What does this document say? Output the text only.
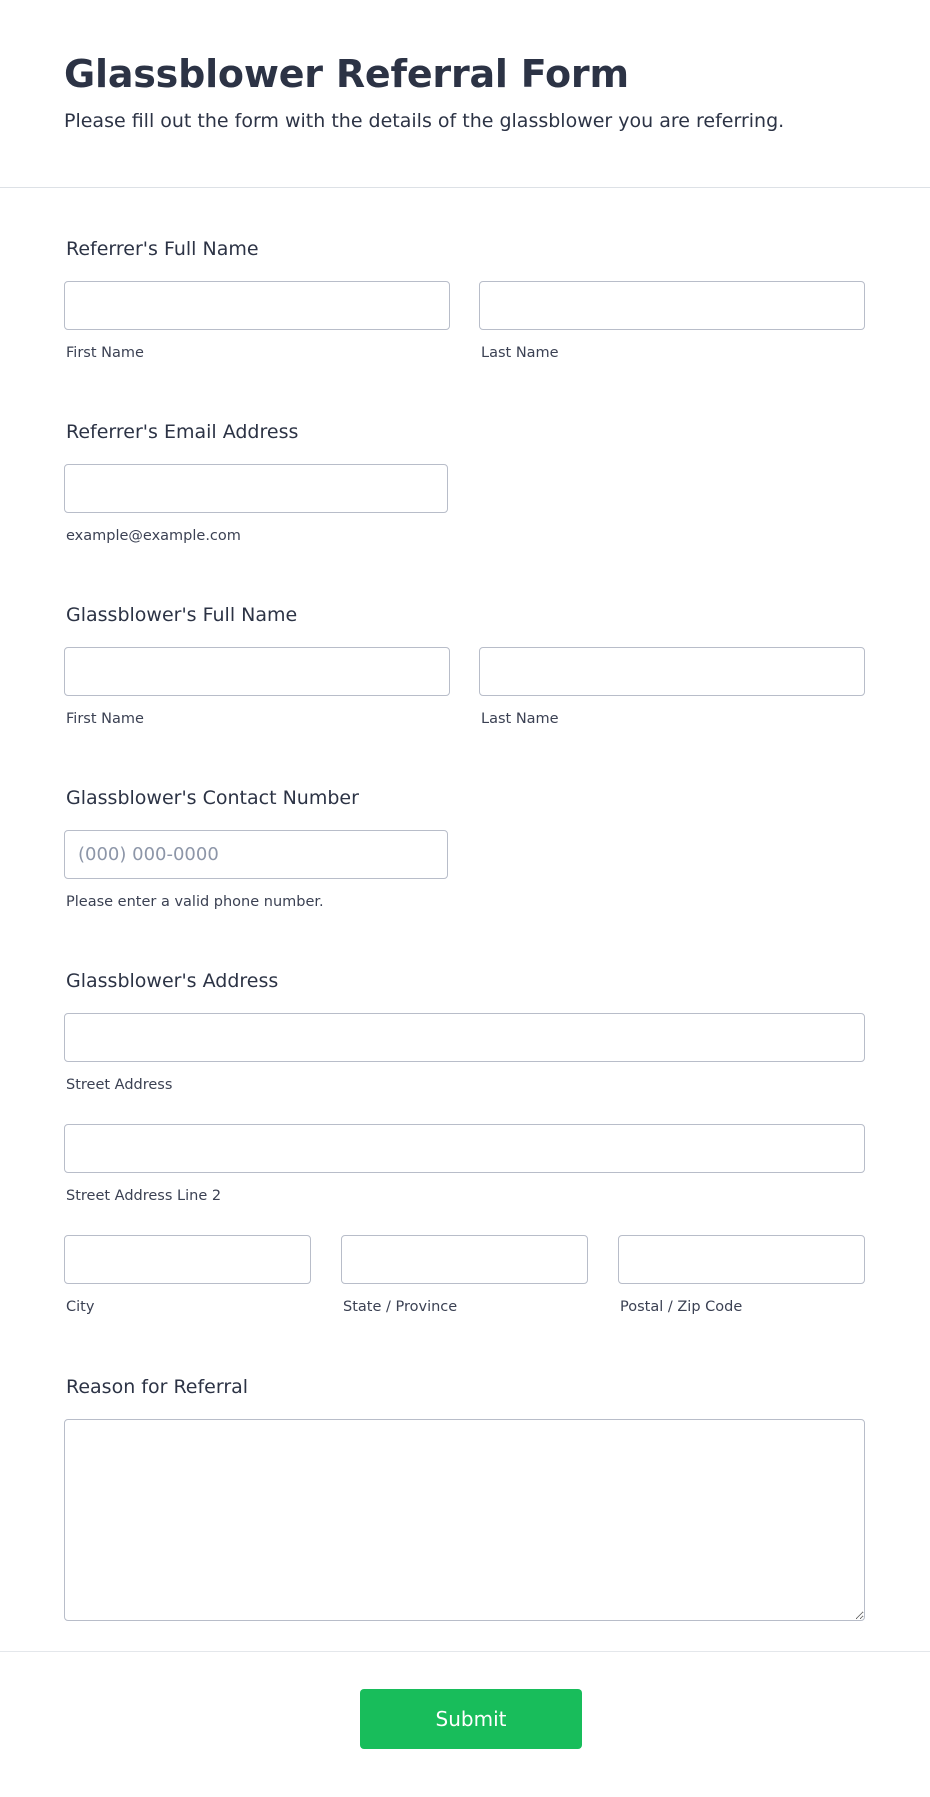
Glassblower Referral Form

Please fill out the form with the details of the glassblower you are referring.

Referrer's Full Name
First Name	Last Name
Referrer's Email Address
example@example.com
Glassblower's Full Name
First Name	Last Name
Glassblower's Contact Number
(000) 000-0000
Please enter a valid phone number.
Glassblower's Address
Street Address
Street Address Line 2
City	State / Province	Postal / Zip Code
Reason for Referral
Submit
